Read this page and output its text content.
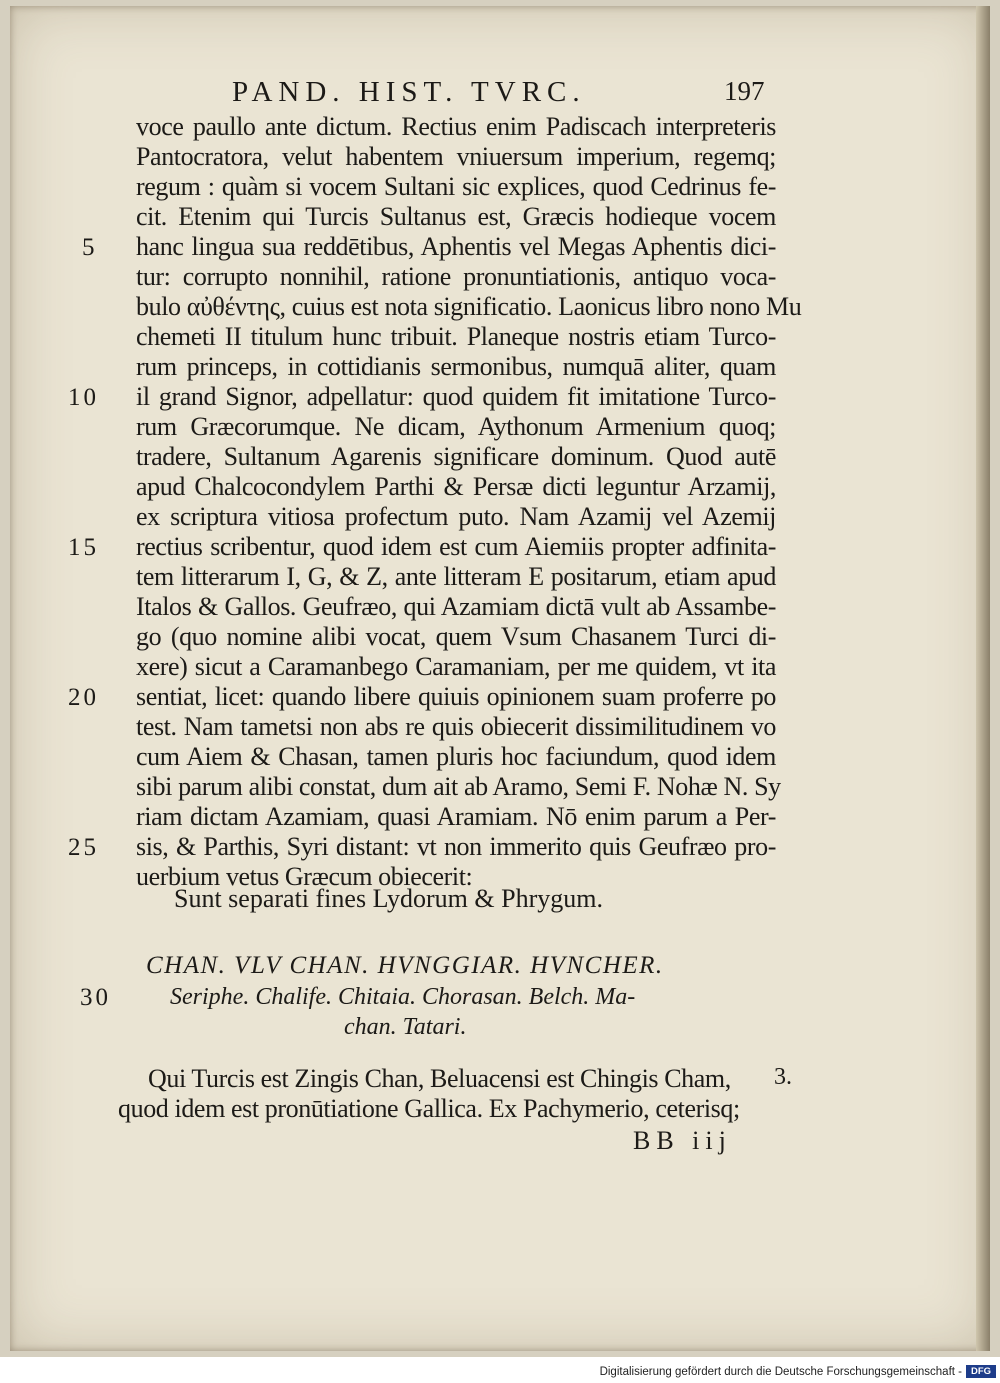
PAND. HIST. TVRC.	197
voce paullo ante dictum. Rectius enim Padiscach interpreteris
Pantocratora, velut habentem vniuersum imperium, regemq;
regum : quàm si vocem Sultani sic explices, quod Cedrinus fe-
cit. Etenim qui Turcis Sultanus est, Græcis hodieque vocem
hanc lingua sua reddētibus, Aphentis vel Megas Aphentis dici-
tur: corrupto nonnihil, ratione pronuntiationis, antiquo voca-
bulo αὐθέντης, cuius est nota significatio. Laonicus libro nono Mu
chemeti II titulum hunc tribuit. Planeque nostris etiam Turco-
rum princeps, in cottidianis sermonibus, numquā aliter, quam
il grand Signor, adpellatur: quod quidem fit imitatione Turco-
rum Græcorumque. Ne dicam, Aythonum Armenium quoq;
tradere, Sultanum Agarenis significare dominum. Quod autē
apud Chalcocondylem Parthi & Persæ dicti leguntur Arzamij,
ex scriptura vitiosa profectum puto. Nam Azamij vel Azemij
rectius scribentur, quod idem est cum Aiemiis propter adfinita-
tem litterarum I, G, & Z, ante litteram E positarum, etiam apud
Italos & Gallos. Geufræo, qui Azamiam dictā vult ab Assambe-
go (quo nomine alibi vocat, quem Vsum Chasanem Turci di-
xere) sicut a Caramanbego Caramaniam, per me quidem, vt ita
sentiat, licet: quando libere quiuis opinionem suam proferre po
test. Nam tametsi non abs re quis obiecerit dissimilitudinem vo
cum Aiem & Chasan, tamen pluris hoc faciundum, quod idem
sibi parum alibi constat, dum ait ab Aramo, Semi F. Nohæ N. Sy
riam dictam Azamiam, quasi Aramiam. Nō enim parum a Per-
sis, & Parthis, Syri distant: vt non immerito quis Geufræo pro-
uerbium vetus Græcum obiecerit:
Sunt separati fines Lydorum & Phrygum.
CHAN. VLV CHAN. HVNGGIAR. HVNCHER.
Seriphe. Chalife. Chitaia. Chorasan. Belch. Ma-
chan. Tatari.
Qui Turcis est Zingis Chan, Beluacensi est Chingis Cham,
quod idem est pronūtiatione Gallica. Ex Pachymerio, ceterisq;
3.
BB iij
5
10
15
20
25
30
Digitalisierung gefördert durch die Deutsche Forschungsgemeinschaft - DFG
